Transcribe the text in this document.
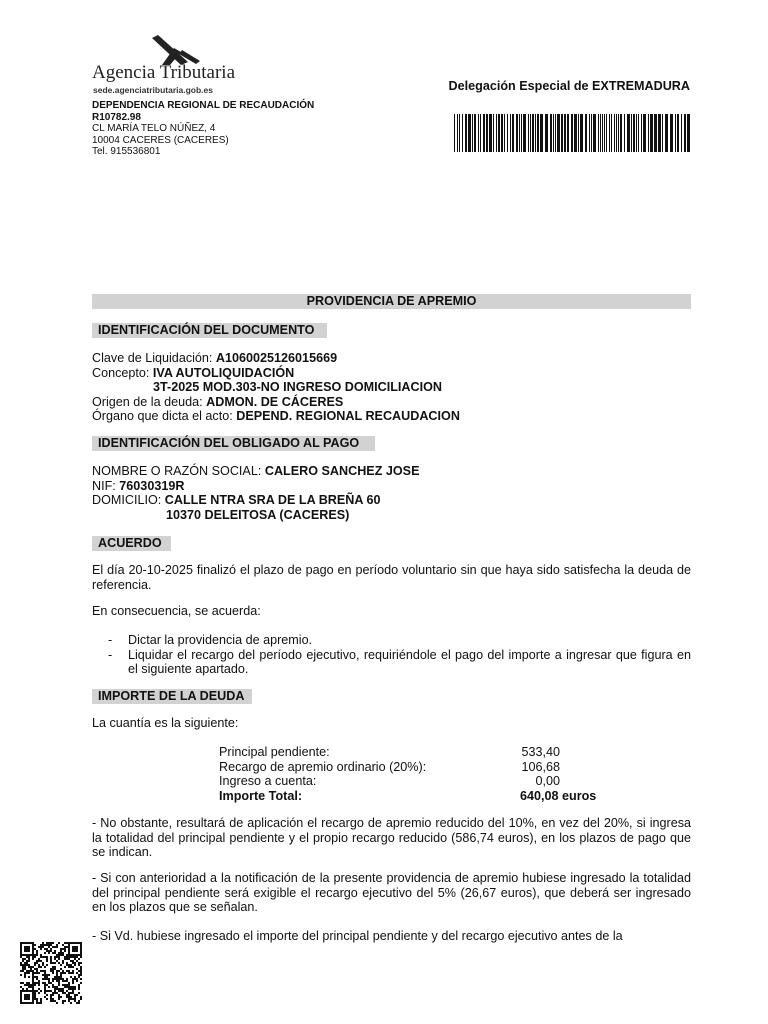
Agencia Tributaria
sede.agenciatributaria.gob.es	Delegación Especial de EXTREMADURA
DEPENDENCIA REGIONAL DE RECAUDACIÓN
R10782.98
CL MARÍA TELO NÚÑEZ, 4
10004 CACERES (CACERES)
Tel. 915536801
PROVIDENCIA DE APREMIO
IDENTIFICACIÓN DEL DOCUMENTO
Clave de Liquidación: A1060025126015669
Concepto: IVA AUTOLIQUIDACIÓN
3T-2025 MOD.303-NO INGRESO DOMICILIACION
Origen de la deuda: ADMON. DE CÁCERES
Órgano que dicta el acto: DEPEND. REGIONAL RECAUDACION
IDENTIFICACIÓN DEL OBLIGADO AL PAGO
NOMBRE O RAZÓN SOCIAL: CALERO SANCHEZ JOSE
NIF: 76030319R
DOMICILIO: CALLE NTRA SRA DE LA BREÑA 60
10370 DELEITOSA (CACERES)
ACUERDO
El día 20-10-2025 finalizó el plazo de pago en período voluntario sin que haya sido satisfecha la deuda de referencia.
En consecuencia, se acuerda:
- Dictar la providencia de apremio.
- Liquidar el recargo del período ejecutivo, requiriéndole el pago del importe a ingresar que figura en el siguiente apartado.
IMPORTE DE LA DEUDA
La cuantía es la siguiente:
Principal pendiente:	533,40
Recargo de apremio ordinario (20%):	106,68
Ingreso a cuenta:	0,00
Importe Total:	640,08 euros
- No obstante, resultará de aplicación el recargo de apremio reducido del 10%, en vez del 20%, si ingresa la totalidad del principal pendiente y el propio recargo reducido (586,74 euros), en los plazos de pago que se indican.
- Si con anterioridad a la notificación de la presente providencia de apremio hubiese ingresado la totalidad del principal pendiente será exigible el recargo ejecutivo del 5% (26,67 euros), que deberá ser ingresado en los plazos que se señalan.
- Si Vd. hubiese ingresado el importe del principal pendiente y del recargo ejecutivo antes de la
